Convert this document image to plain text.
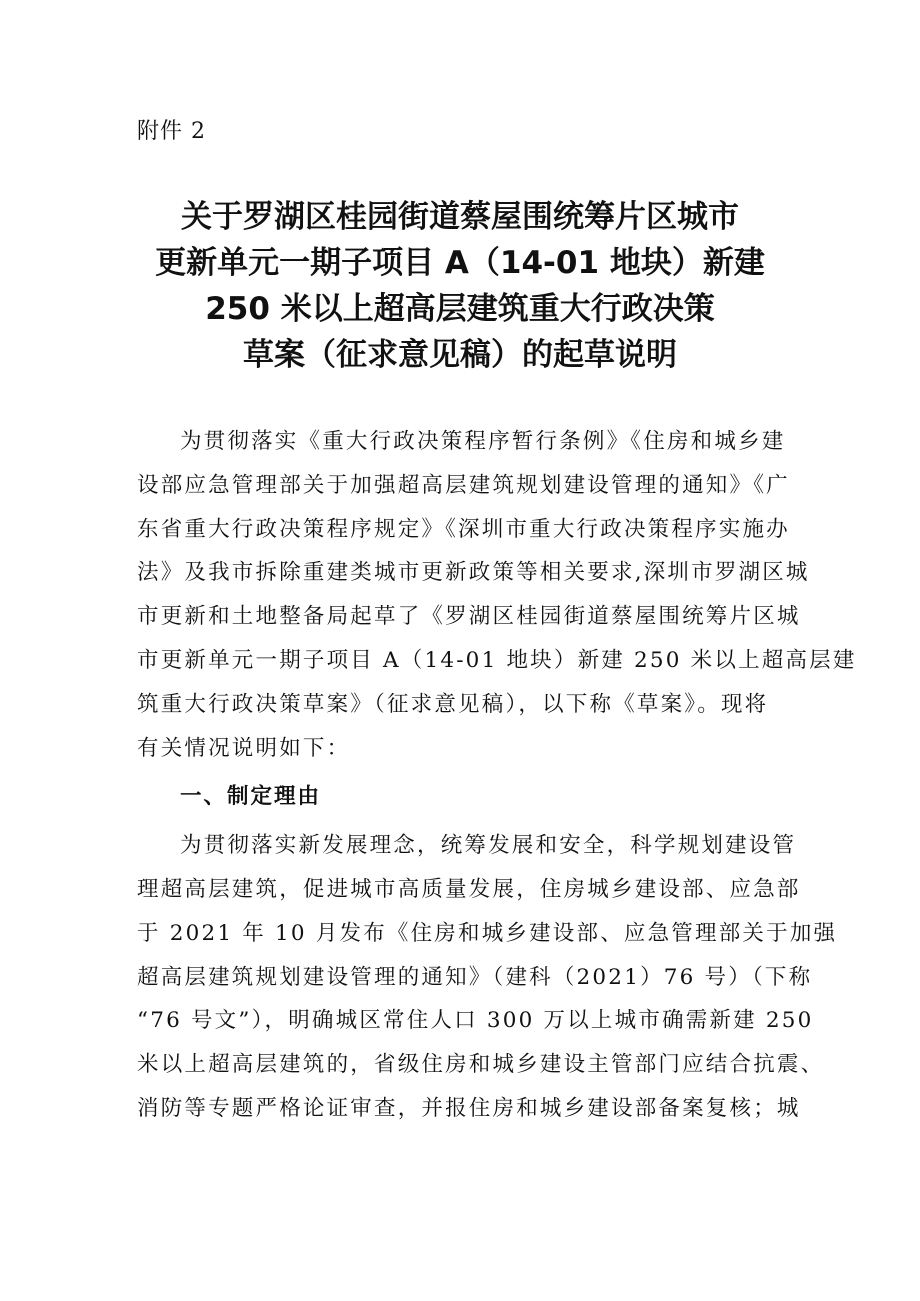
附件 2
关于罗湖区桂园街道蔡屋围统筹片区城市
更新单元一期子项目 A（14-01 地块）新建
250 米以上超高层建筑重大行政决策
草案（征求意见稿）的起草说明
为贯彻落实《重大行政决策程序暂行条例》《住房和城乡建
设部应急管理部关于加强超高层建筑规划建设管理的通知》《广
东省重大行政决策程序规定》《深圳市重大行政决策程序实施办
法》及我市拆除重建类城市更新政策等相关要求,深圳市罗湖区城
市更新和土地整备局起草了《罗湖区桂园街道蔡屋围统筹片区城
市更新单元一期子项目 A（14-01 地块）新建 250 米以上超高层建
筑重大行政决策草案》（征求意见稿），以下称《草案》。现将
有关情况说明如下：
一、制定理由
为贯彻落实新发展理念，统筹发展和安全，科学规划建设管
理超高层建筑，促进城市高质量发展，住房城乡建设部、应急部
于 2021 年 10 月发布《住房和城乡建设部、应急管理部关于加强
超高层建筑规划建设管理的通知》（建科（2021）76 号）（下称
“76 号文”），明确城区常住人口 300 万以上城市确需新建 250
米以上超高层建筑的，省级住房和城乡建设主管部门应结合抗震、
消防等专题严格论证审查，并报住房和城乡建设部备案复核；城
